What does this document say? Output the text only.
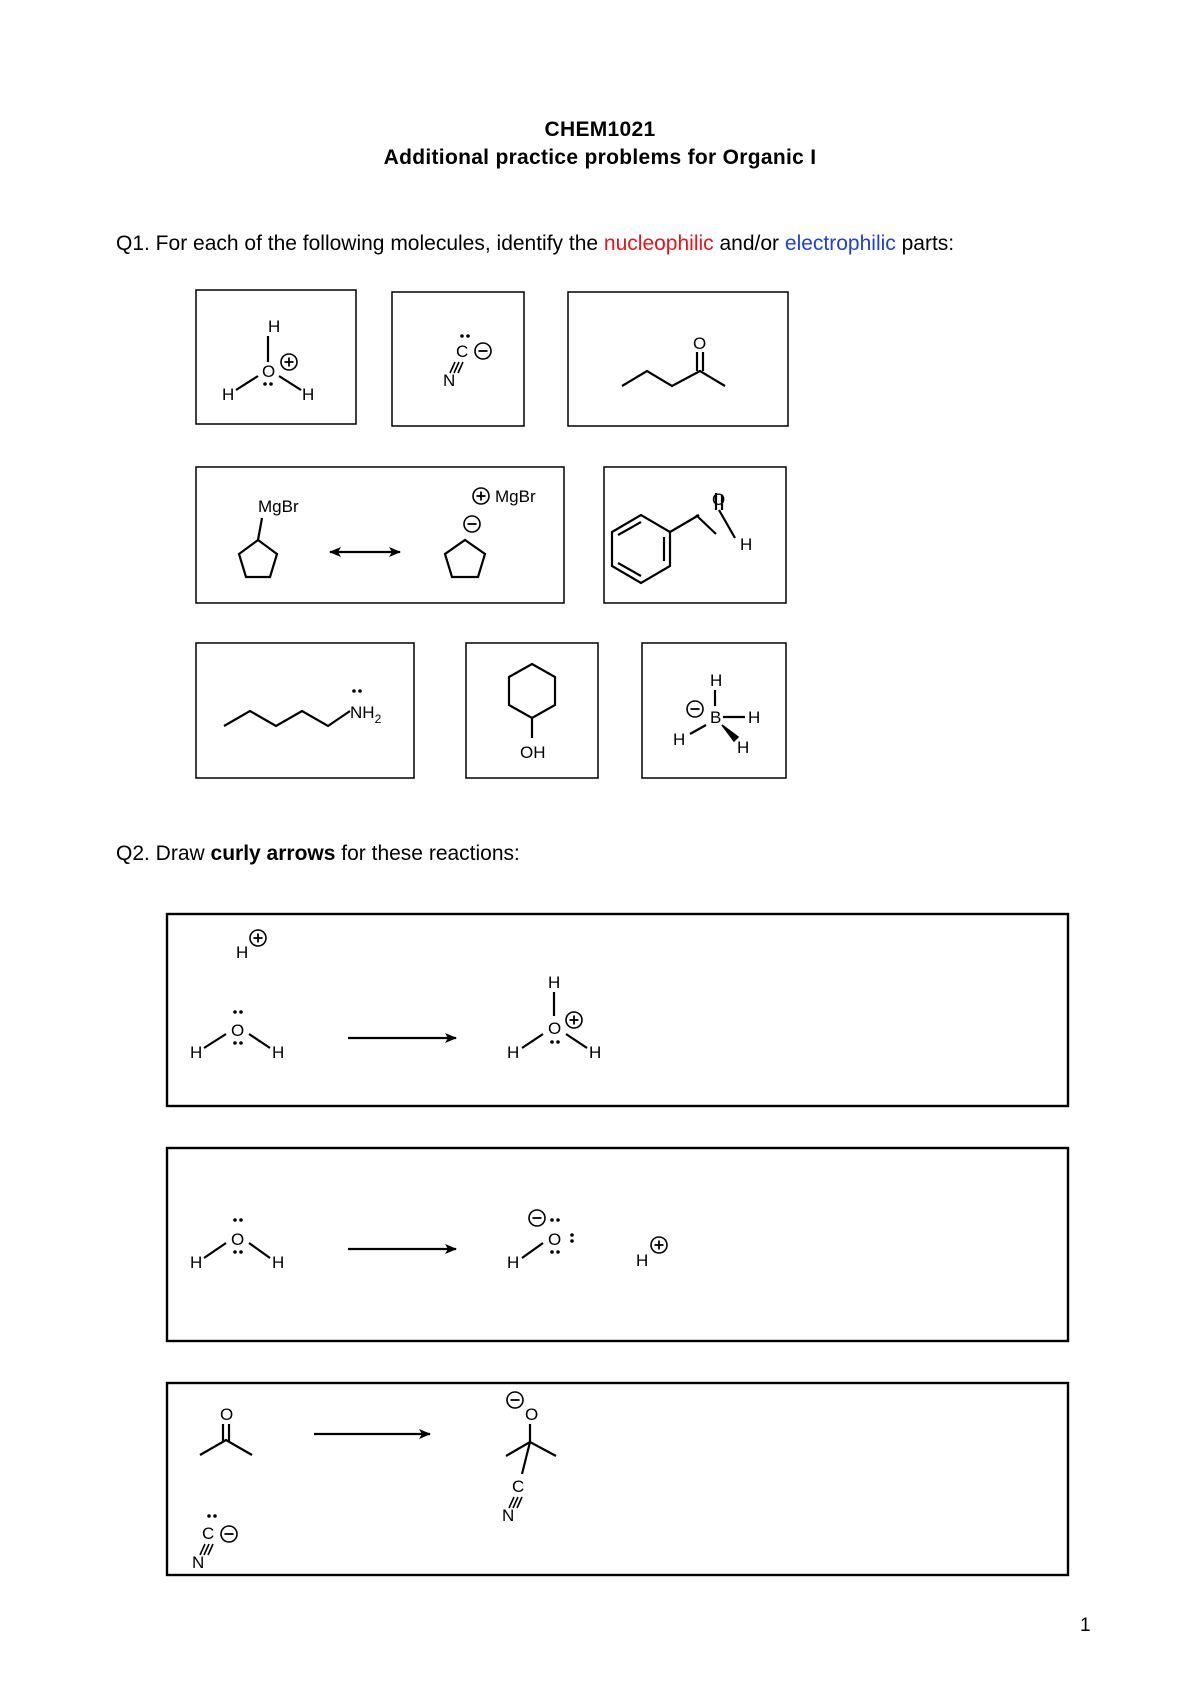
CHEM1021
Additional practice problems for Organic I
Q1. For each of the following molecules, identify the nucleophilic and/or electrophilic parts:
Q2. Draw curly arrows for these reactions:
H
O
H	H
C
N
O
MgBr
MgBr	O
H
$NH_2$
OH
H
B H
H	H
H
O
H	H
H
O
H	H
O
H	H
O
H	H
O
C
N
O
C
N
1
